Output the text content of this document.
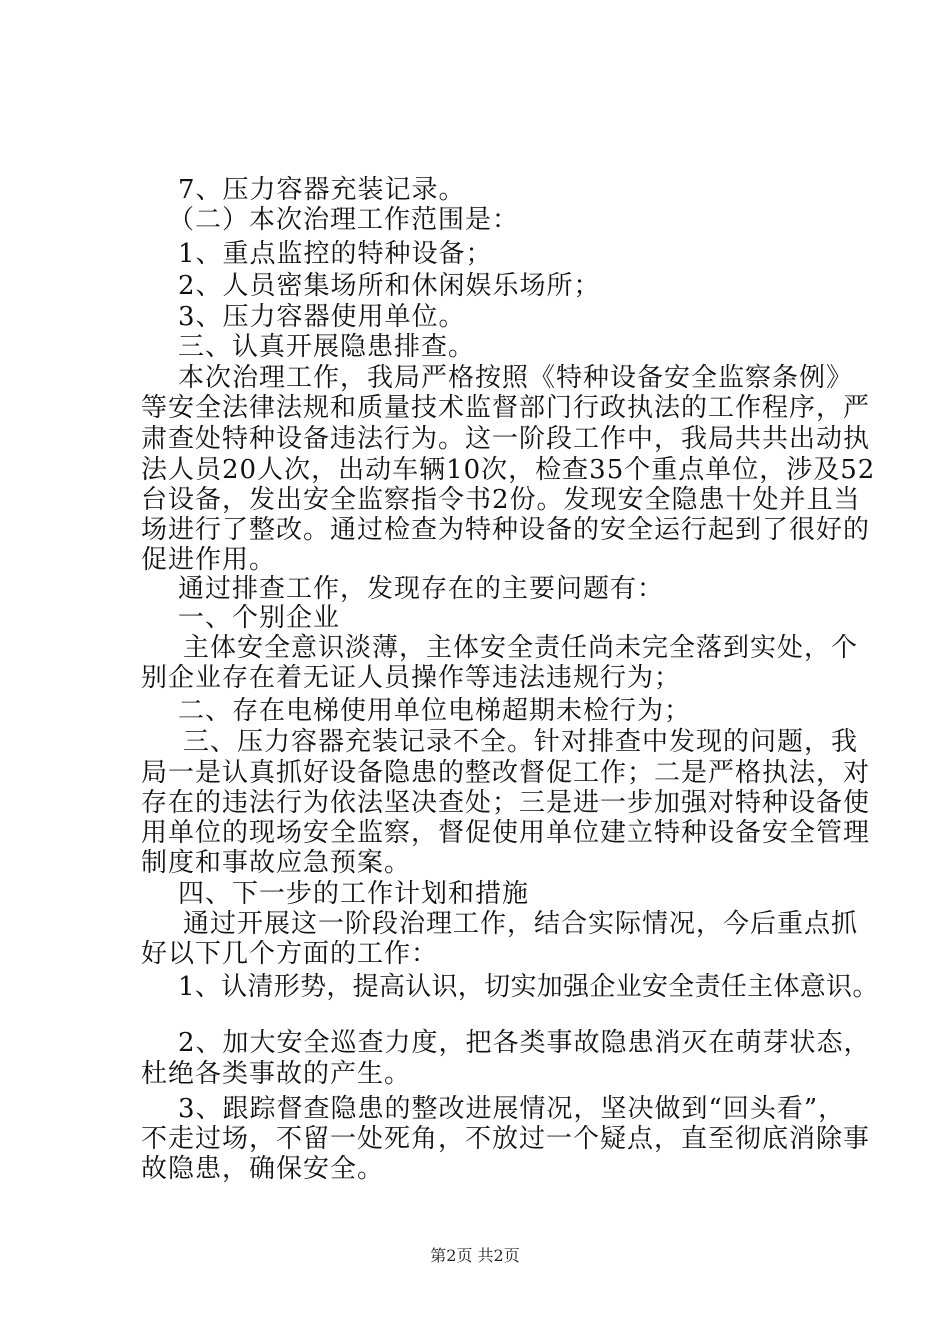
7、压力容器充装记录。
（二）本次治理工作范围是：
1、重点监控的特种设备；
2、人员密集场所和休闲娱乐场所；
3、压力容器使用单位。
三、认真开展隐患排查。
本次治理工作，我局严格按照《特种设备安全监察条例》
等安全法律法规和质量技术监督部门行政执法的工作程序，严
肃查处特种设备违法行为。这一阶段工作中，我局共共出动执
法人员20人次，出动车辆10次，检查35个重点单位，涉及52
台设备，发出安全监察指令书2份。发现安全隐患十处并且当
场进行了整改。通过检查为特种设备的安全运行起到了很好的
促进作用。
通过排查工作，发现存在的主要问题有：
一、个别企业
主体安全意识淡薄，主体安全责任尚未完全落到实处，个
别企业存在着无证人员操作等违法违规行为；
二、存在电梯使用单位电梯超期未检行为；
三、压力容器充装记录不全。针对排查中发现的问题，我
局一是认真抓好设备隐患的整改督促工作；二是严格执法，对
存在的违法行为依法坚决查处；三是进一步加强对特种设备使
用单位的现场安全监察，督促使用单位建立特种设备安全管理
制度和事故应急预案。
四、下一步的工作计划和措施
通过开展这一阶段治理工作，结合实际情况，今后重点抓
好以下几个方面的工作：
1、认清形势，提高认识，切实加强企业安全责任主体意识。
2、加大安全巡查力度，把各类事故隐患消灭在萌芽状态，
杜绝各类事故的产生。
3、跟踪督查隐患的整改进展情况，坚决做到“回头看”，
不走过场，不留一处死角，不放过一个疑点，直至彻底消除事
故隐患，确保安全。
第2页 共2页
